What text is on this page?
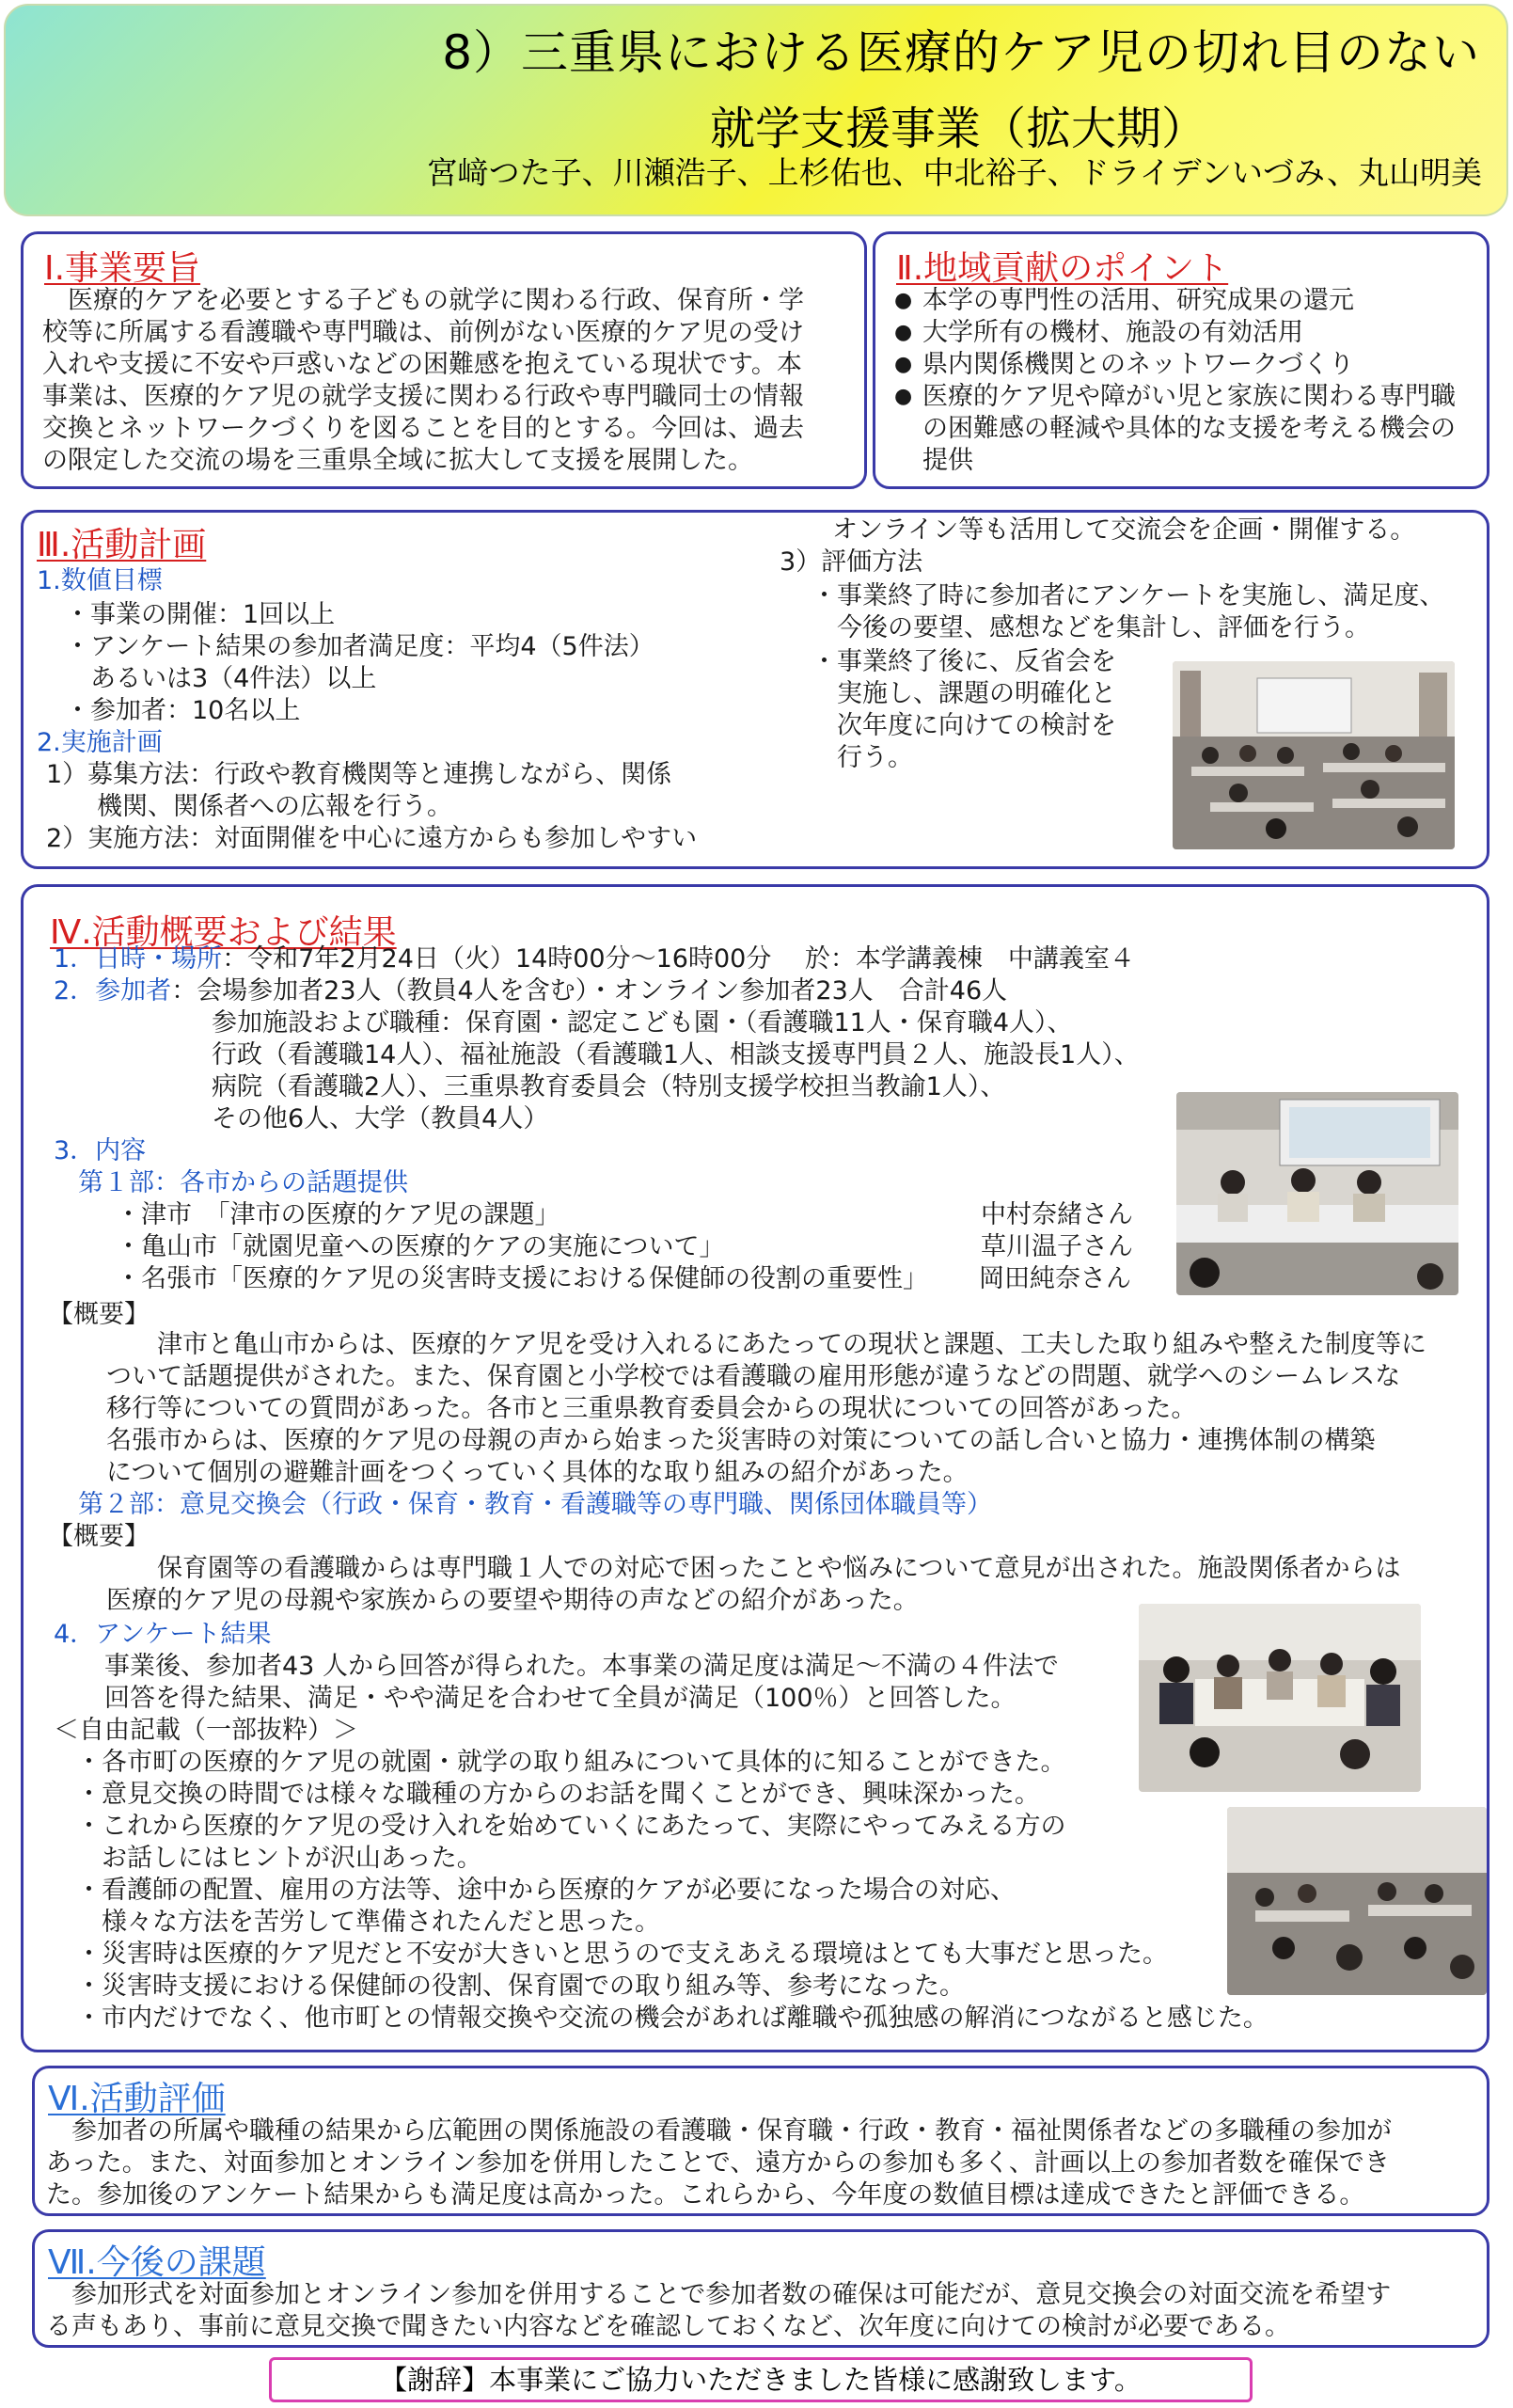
8）三重県における医療的ケア児の切れ目のない
就学支援事業（拡大期）
宮﨑つた子、川瀬浩子、上杉佑也、中北裕子、ドライデンいづみ、丸山明美
Ⅰ.事業要旨
　医療的ケアを必要とする子どもの就学に関わる行政、保育所・学
校等に所属する看護職や専門職は、前例がない医療的ケア児の受け
入れや支援に不安や戸惑いなどの困難感を抱えている現状です。本
事業は、医療的ケア児の就学支援に関わる行政や専門職同士の情報
交換とネットワークづくりを図ることを目的とする。今回は、過去
の限定した交流の場を三重県全域に拡大して支援を展開した。
Ⅱ.地域貢献のポイント
● 本学の専門性の活用、研究成果の還元
● 大学所有の機材、施設の有効活用
● 県内関係機関とのネットワークづくり
● 医療的ケア児や障がい児と家族に関わる専門職の困難感の軽減や具体的な支援を考える機会の提供
Ⅲ.活動計画
1.数値目標
・事業の開催：1回以上
・アンケート結果の参加者満足度：平均4（5件法）
　あるいは3（4件法）以上
・参加者：10名以上
2.実施計画
1）募集方法：行政や教育機関等と連携しながら、関係
　　機関、関係者への広報を行う。
2）実施方法：対面開催を中心に遠方からも参加しやすい
オンライン等も活用して交流会を企画・開催する。
3）評価方法
・事業終了時に参加者にアンケートを実施し、満足度、
　今後の要望、感想などを集計し、評価を行う。
・事業終了後に、反省会を
　実施し、課題の明確化と
　次年度に向けての検討を
　行う。
Ⅳ.活動概要および結果
1．日時・場所：令和7年2月24日（火）14時00分～16時00分　 於：本学講義棟　中講義室４
2．参加者：会場参加者23人（教員4人を含む）・オンライン参加者23人　合計46人
参加施設および職種：保育園・認定こども園・（看護職11人・保育職4人）、
行政（看護職14人）、福祉施設（看護職1人、相談支援専門員２人、施設長1人）、
病院（看護職2人）、三重県教育委員会（特別支援学校担当教諭1人）、
その他6人、大学（教員4人）
3．内容
第１部：各市からの話題提供
・津市　「津市の医療的ケア児の課題」	中村奈緒さん
・亀山市「就園児童への医療的ケアの実施について」	草川温子さん
・名張市「医療的ケア児の災害時支援における保健師の役割の重要性」 岡田純奈さん
【概要】
　　津市と亀山市からは、医療的ケア児を受け入れるにあたっての現状と課題、工夫した取り組みや整えた制度等に
ついて話題提供がされた。また、保育園と小学校では看護職の雇用形態が違うなどの問題、就学へのシームレスな
移行等についての質問があった。各市と三重県教育委員会からの現状についての回答があった。
名張市からは、医療的ケア児の母親の声から始まった災害時の対策についての話し合いと協力・連携体制の構築
について個別の避難計画をつくっていく具体的な取り組みの紹介があった。
第２部：意見交換会（行政・保育・教育・看護職等の専門職、関係団体職員等）
【概要】
　　保育園等の看護職からは専門職１人での対応で困ったことや悩みについて意見が出された。施設関係者からは
医療的ケア児の母親や家族からの要望や期待の声などの紹介があった。
4．アンケート結果
事業後、参加者43 人から回答が得られた。本事業の満足度は満足～不満の４件法で
回答を得た結果、満足・やや満足を合わせて全員が満足（100％）と回答した。
＜自由記載（一部抜粋）＞
・各市町の医療的ケア児の就園・就学の取り組みについて具体的に知ることができた。
・意見交換の時間では様々な職種の方からのお話を聞くことができ、興味深かった。
・これから医療的ケア児の受け入れを始めていくにあたって、実際にやってみえる方の
　お話しにはヒントが沢山あった。
・看護師の配置、雇用の方法等、途中から医療的ケアが必要になった場合の対応、
　様々な方法を苦労して準備されたんだと思った。
・災害時は医療的ケア児だと不安が大きいと思うので支えあえる環境はとても大事だと思った。
・災害時支援における保健師の役割、保育園での取り組み等、参考になった。
・市内だけでなく、他市町との情報交換や交流の機会があれば離職や孤独感の解消につながると感じた。
Ⅵ.活動評価
　参加者の所属や職種の結果から広範囲の関係施設の看護職・保育職・行政・教育・福祉関係者などの多職種の参加が
あった。また、対面参加とオンライン参加を併用したことで、遠方からの参加も多く、計画以上の参加者数を確保でき
た。参加後のアンケート結果からも満足度は高かった。これらから、今年度の数値目標は達成できたと評価できる。
Ⅶ.今後の課題
　参加形式を対面参加とオンライン参加を併用することで参加者数の確保は可能だが、意見交換会の対面交流を希望す
る声もあり、事前に意見交換で聞きたい内容などを確認しておくなど、次年度に向けての検討が必要である。
【謝辞】本事業にご協力いただきました皆様に感謝致します。
